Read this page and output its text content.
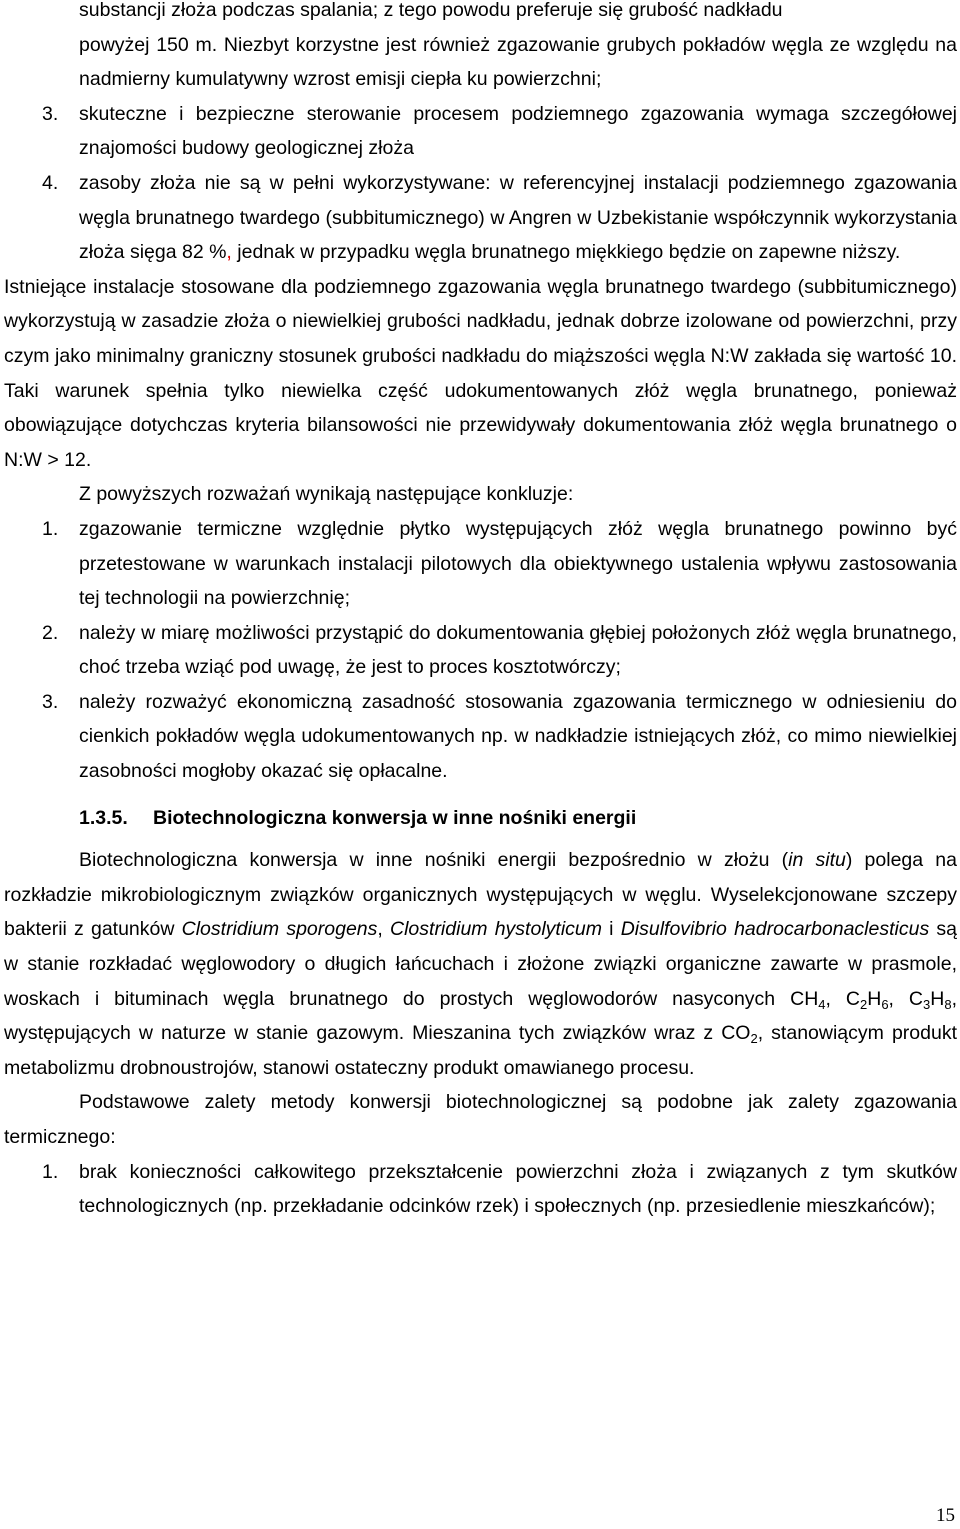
substancji złoża podczas spalania; z tego powodu preferuje się grubość nadkładu

powyżej 150 m. Niezbyt korzystne jest również zgazowanie grubych pokładów węgla ze względu na nadmierny kumulatywny wzrost emisji ciepła ku powierzchni;

3. skuteczne i bezpieczne sterowanie procesem podziemnego zgazowania wymaga szczegółowej znajomości budowy geologicznej złoża
4. zasoby złoża nie są w pełni wykorzystywane: w referencyjnej instalacji podziemnego zgazowania węgla brunatnego twardego (subbitumicznego) w Angren w Uzbekistanie współczynnik wykorzystania złoża sięga 82 %, jednak w przypadku węgla brunatnego miękkiego będzie on zapewne niższy.

Istniejące instalacje stosowane dla podziemnego zgazowania węgla brunatnego twardego (subbitumicznego) wykorzystują w zasadzie złoża o niewielkiej grubości nadkładu, jednak dobrze izolowane od powierzchni, przy czym jako minimalny graniczny stosunek grubości nadkładu do miąższości węgla N:W zakłada się wartość 10. Taki warunek spełnia tylko niewielka część udokumentowanych złóż węgla brunatnego, ponieważ obowiązujące dotychczas kryteria bilansowości nie przewidywały dokumentowania złóż węgla brunatnego o N:W > 12.

Z powyższych rozważań wynikają następujące konkluzje:

1. zgazowanie termiczne względnie płytko występujących złóż węgla brunatnego powinno być przetestowane w warunkach instalacji pilotowych dla obiektywnego ustalenia wpływu zastosowania tej technologii na powierzchnię;
2. należy w miarę możliwości przystąpić do dokumentowania głębiej położonych złóż węgla brunatnego, choć trzeba wziąć pod uwagę, że jest to proces kosztotwórczy;
3. należy rozważyć ekonomiczną zasadność stosowania zgazowania termicznego w odniesieniu do cienkich pokładów węgla udokumentowanych np. w nadkładzie istniejących złóż, co mimo niewielkiej zasobności mogłoby okazać się opłacalne.
1.3.5. Biotechnologiczna konwersja w inne nośniki energii

Biotechnologiczna konwersja w inne nośniki energii bezpośrednio w złożu (in situ) polega na rozkładzie mikrobiologicznym związków organicznych występujących w węglu. Wyselekcjonowane szczepy bakterii z gatunków Clostridium sporogens, Clostridium hystolyticum i Disulfovibrio hadrocarbonaclesticus są w stanie rozkładać węglowodory o długich łańcuchach i złożone związki organiczne zawarte w prasmole, woskach i bituminach węgla brunatnego do prostych węglowodorów nasyconych $CH_4$, $C_2H_6$, $C_3H_8$, występujących w naturze w stanie gazowym. Mieszanina tych związków wraz z $CO_2$, stanowiącym produkt metabolizmu drobnoustrojów, stanowi ostateczny produkt omawianego procesu.

Podstawowe zalety metody konwersji biotechnologicznej są podobne jak zalety zgazowania termicznego:

1. brak konieczności całkowitego przekształcenie powierzchni złoża i związanych z tym skutków technologicznych (np. przekładanie odcinków rzek) i społecznych (np. przesiedlenie mieszkańców);
15
